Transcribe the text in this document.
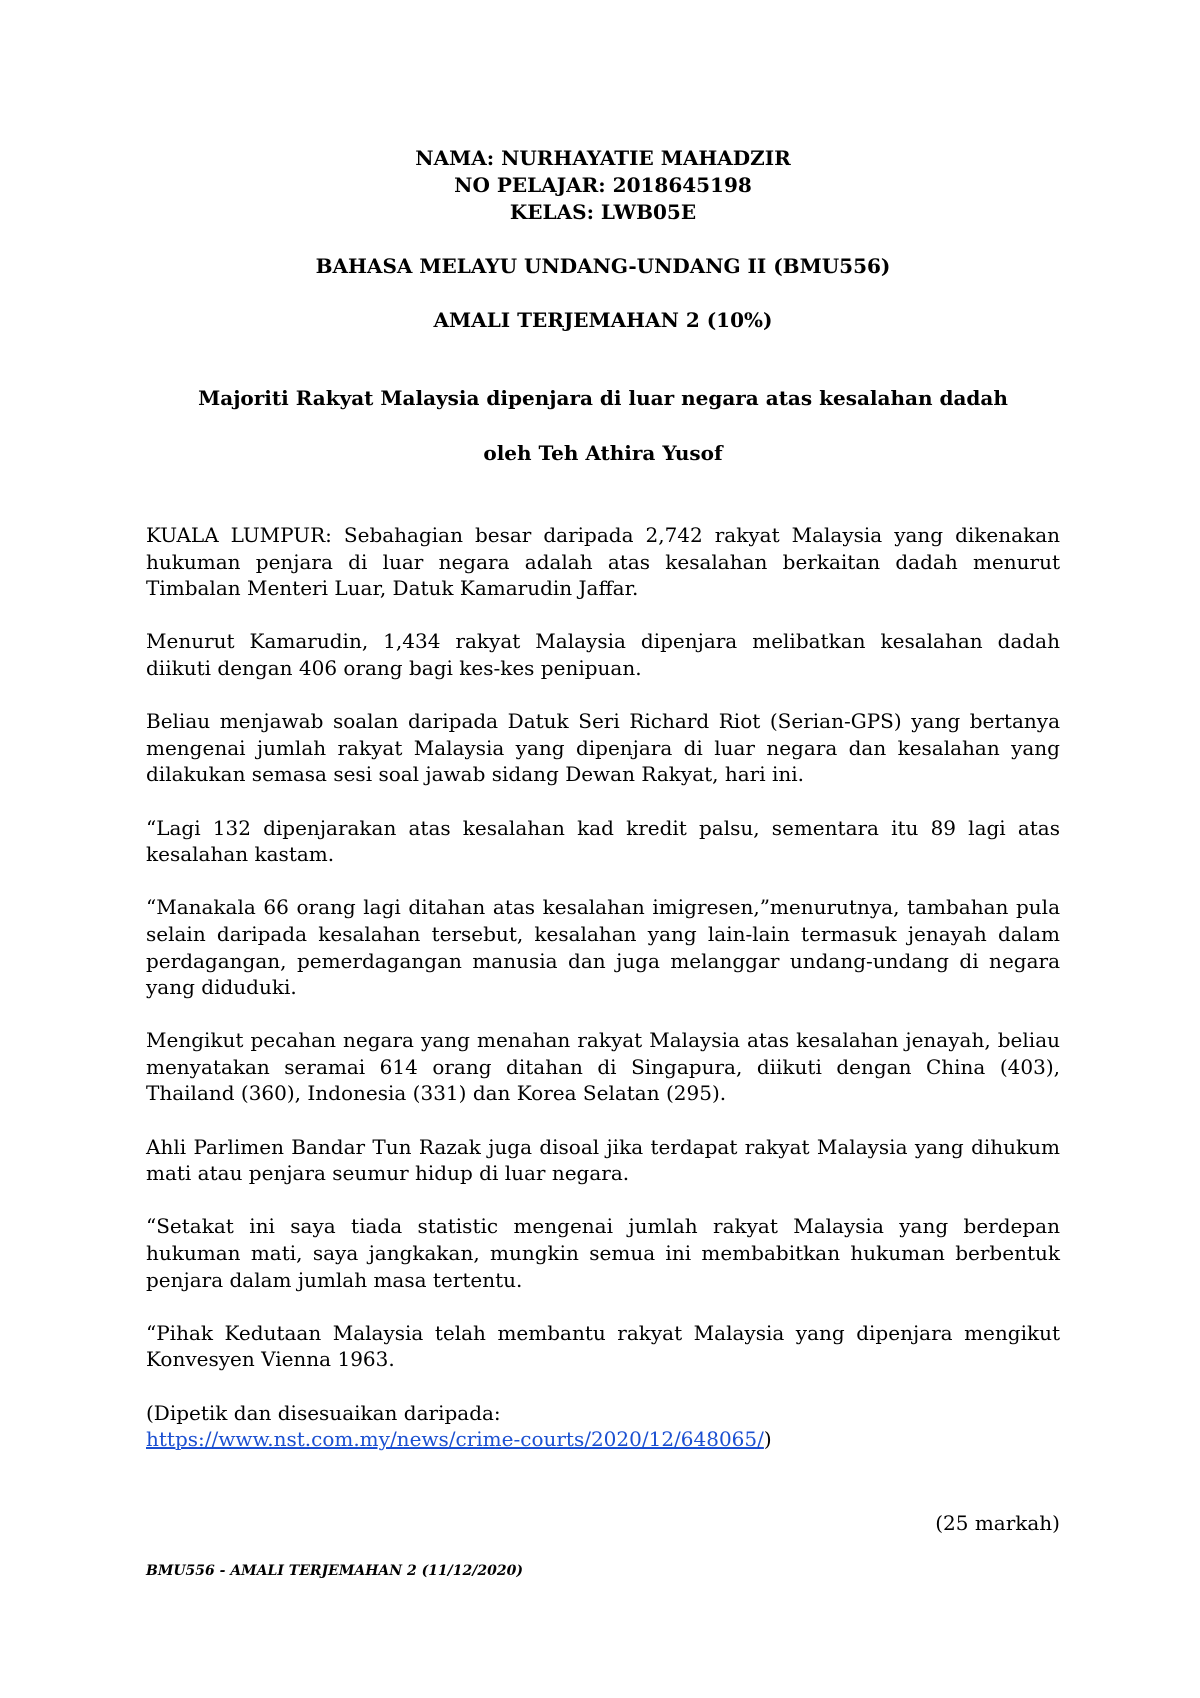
NAMA: NURHAYATIE MAHADZIR
NO PELAJAR: 2018645198
KELAS: LWB05E
BAHASA MELAYU UNDANG-UNDANG II (BMU556)
AMALI TERJEMAHAN 2 (10%)
Majoriti Rakyat Malaysia dipenjara di luar negara atas kesalahan dadah
oleh Teh Athira Yusof

KUALA LUMPUR: Sebahagian besar daripada 2,742 rakyat Malaysia yang dikenakan hukuman penjara di luar negara adalah atas kesalahan berkaitan dadah menurut Timbalan Menteri Luar, Datuk Kamarudin Jaffar.

Menurut Kamarudin, 1,434 rakyat Malaysia dipenjara melibatkan kesalahan dadah diikuti dengan 406 orang bagi kes-kes penipuan.

Beliau menjawab soalan daripada Datuk Seri Richard Riot (Serian-GPS) yang bertanya mengenai jumlah rakyat Malaysia yang dipenjara di luar negara dan kesalahan yang dilakukan semasa sesi soal jawab sidang Dewan Rakyat, hari ini.

“Lagi 132 dipenjarakan atas kesalahan kad kredit palsu, sementara itu 89 lagi atas kesalahan kastam.

“Manakala 66 orang lagi ditahan atas kesalahan imigresen,”menurutnya, tambahan pula selain daripada kesalahan tersebut, kesalahan yang lain-lain termasuk jenayah dalam perdagangan, pemerdagangan manusia dan juga melanggar undang-undang di negara yang diduduki.

Mengikut pecahan negara yang menahan rakyat Malaysia atas kesalahan jenayah, beliau menyatakan seramai 614 orang ditahan di Singapura, diikuti dengan China (403), Thailand (360), Indonesia (331) dan Korea Selatan (295).

Ahli Parlimen Bandar Tun Razak juga disoal jika terdapat rakyat Malaysia yang dihukum mati atau penjara seumur hidup di luar negara.

“Setakat ini saya tiada statistic mengenai jumlah rakyat Malaysia yang berdepan hukuman mati, saya jangkakan, mungkin semua ini membabitkan hukuman berbentuk penjara dalam jumlah masa tertentu.

“Pihak Kedutaan Malaysia telah membantu rakyat Malaysia yang dipenjara mengikut Konvesyen Vienna 1963.

(Dipetik dan disesuaikan daripada:
https://www.nst.com.my/news/crime-courts/2020/12/648065/)

(25 markah)
BMU556 - AMALI TERJEMAHAN 2 (11/12/2020)
